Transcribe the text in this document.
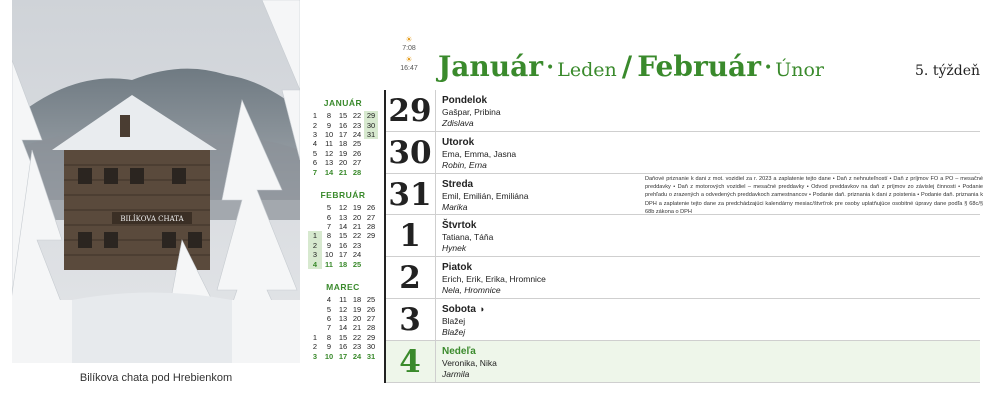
BILÍKOVA CHATA
Bilíkova chata pod Hrebienkom
JANUÁR
1	8	15	22	29
2	9	16	23	30
3	10	17	24	31
4	11	18	25	
5	12	19	26	
6	13	20	27	
7	14	21	28	
FEBRUÁR
	5	12	19	26
	6	13	20	27
	7	14	21	28
1	8	15	22	29
2	9	16	23	
3	10	17	24	
4	11	18	25	
MAREC
	4	11	18	25
	5	12	19	26
	6	13	20	27
	7	14	21	28
1	8	15	22	29
2	9	16	23	30
3	10	17	24	31
☀
7:08
☀
16:47 Január • Leden / Február • Únor	5. týždeň
29 Pondelok
Gašpar, Pribina
Zdislava
30 Utorok
Ema, Emma, Jasna
Robin, Erna
31 Streda
Emil, Emilián, Emiliána
Marika
1	Štvrtok
Tatiana, Táňa
Hynek
2	Piatok
Erich, Erik, Erika, Hromnice
Nela, Hromnice
3	Sobota ◑
Blažej
Blažej
4	Nedeľa
Veronika, Nika
Jarmila
Daňové priznanie k dani z mot. vozidiel za r. 2023 a zaplatenie tejto dane • Daň z nehnuteľností • Daň z príjmov FO a PO – mesačné preddavky • Daň z motorových vozidiel – mesačné preddavky • Odvod preddavkov na daň z príjmov zo závislej činnosti • Podanie prehľadu o zrazených a odvedených preddavkoch zamestnancov • Podanie daň. priznania k dani z poistenia • Podanie daň. priznania k DPH a zaplatenie tejto dane za predchádzajúci kalendárny mesiac/štvrťrok pre osoby uplatňujúce osobitné úpravy dane podľa § 68c/§ 68b zákona o DPH
